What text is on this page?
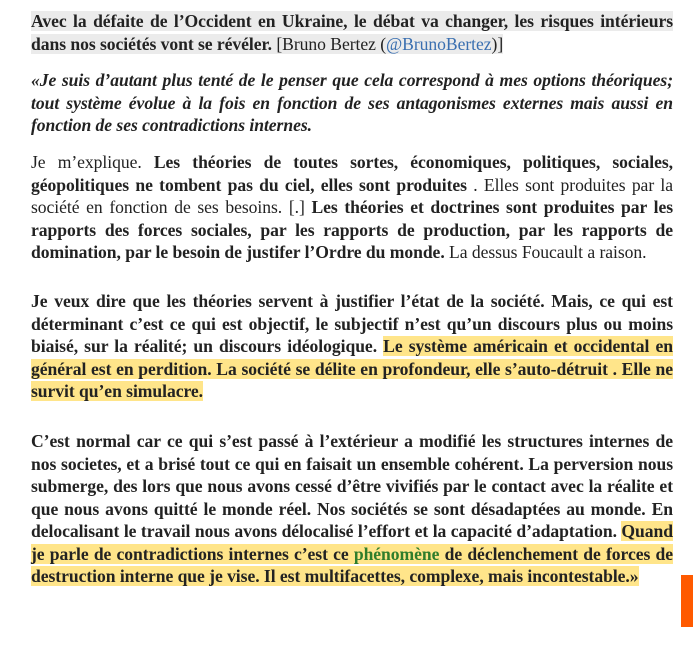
Avec la défaite de l’Occident en Ukraine, le débat va changer, les risques intérieurs dans nos sociétés vont se révéler. [Bruno Bertez (@BrunoBertez)]

«Je suis d’autant plus tenté de le penser que cela correspond à mes options théoriques; tout système évolue à la fois en fonction de ses antagonismes externes mais aussi en fonction de ses contradictions internes.

Je m’explique. Les théories de toutes sortes, économiques, politiques, sociales, géopolitiques ne tombent pas du ciel, elles sont produites . Elles sont produites par la société en fonction de ses besoins. [.] Les théories et doctrines sont produites par les rapports des forces sociales, par les rapports de production, par les rapports de domination, par le besoin de justifer l’Ordre du monde. La dessus Foucault a raison.

Je veux dire que les théories servent à justifier l’état de la société. Mais, ce qui est déterminant c’est ce qui est objectif, le subjectif n’est qu’un discours plus ou moins biaisé, sur la réalité; un discours idéologique. Le système américain et occidental en général est en perdition. La société se délite en profondeur, elle s’auto-détruit . Elle ne survit qu’en simulacre.

C’est normal car ce qui s’est passé à l’extérieur a modifié les structures internes de nos societes, et a brisé tout ce qui en faisait un ensemble cohérent. La perversion nous submerge, des lors que nous avons cessé d’être vivifiés par le contact avec la réalite et que nous avons quitté le monde réel. Nos sociétés se sont désadaptées au monde. En delocalisant le travail nous avons délocalisé l’effort et la capacité d’adaptation. Quand je parle de contradictions internes c’est ce phénomène de déclenchement de forces de destruction interne que je vise. Il est multifacettes, complexe, mais incontestable.»
